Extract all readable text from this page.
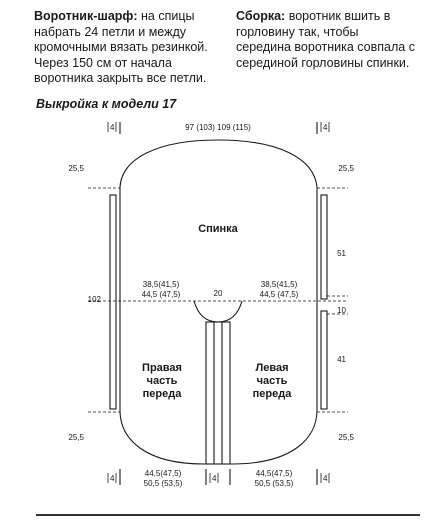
Воротник-шарф: на спицы набрать 24 петли и между кромочными вязать резинкой. Через 150 см от начала воротника закрыть все петли.
Сборка: воротник вшить в горловину так, чтобы середина воротника совпала с серединой горловины спинки.
Выкройка к модели 17
4	4
4	4	4
97 (103) 109 (115)
25,5
102
25,5
25,5
51
10
41
25,5
20
38,5(41,5)
44,5 (47,5)
38,5(41,5)
44,5 (47,5)
44,5(47,5)
50,5 (53,5)
44,5(47,5)
50,5 (53,5)
Спинка
Правая
часть
переда
Левая
часть
переда
